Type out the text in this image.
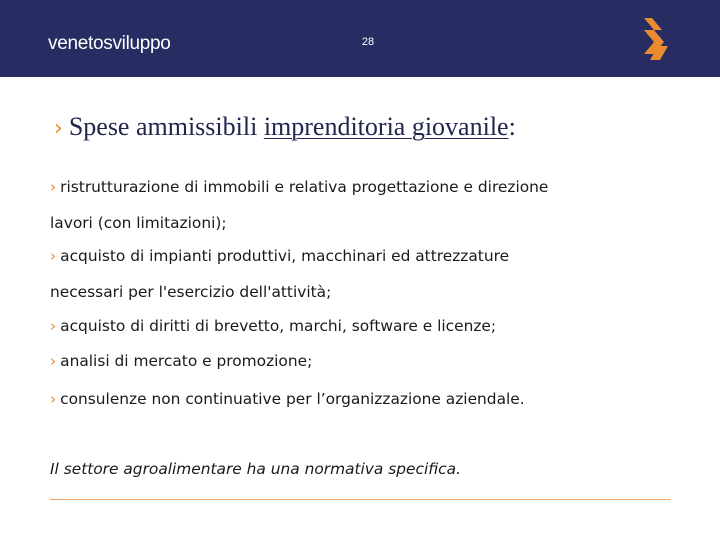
venetosviluppo	28
› Spese ammissibili imprenditoria giovanile:
› ristrutturazione di immobili e relativa progettazione e direzione
lavori (con limitazioni);
› acquisto di impianti produttivi, macchinari ed attrezzature
necessari per l'esercizio dell'attività;
› acquisto di diritti di brevetto, marchi, software e licenze;
› analisi di mercato e promozione;
› consulenze non continuative per l’organizzazione aziendale.
Il settore agroalimentare ha una normativa specifica.
